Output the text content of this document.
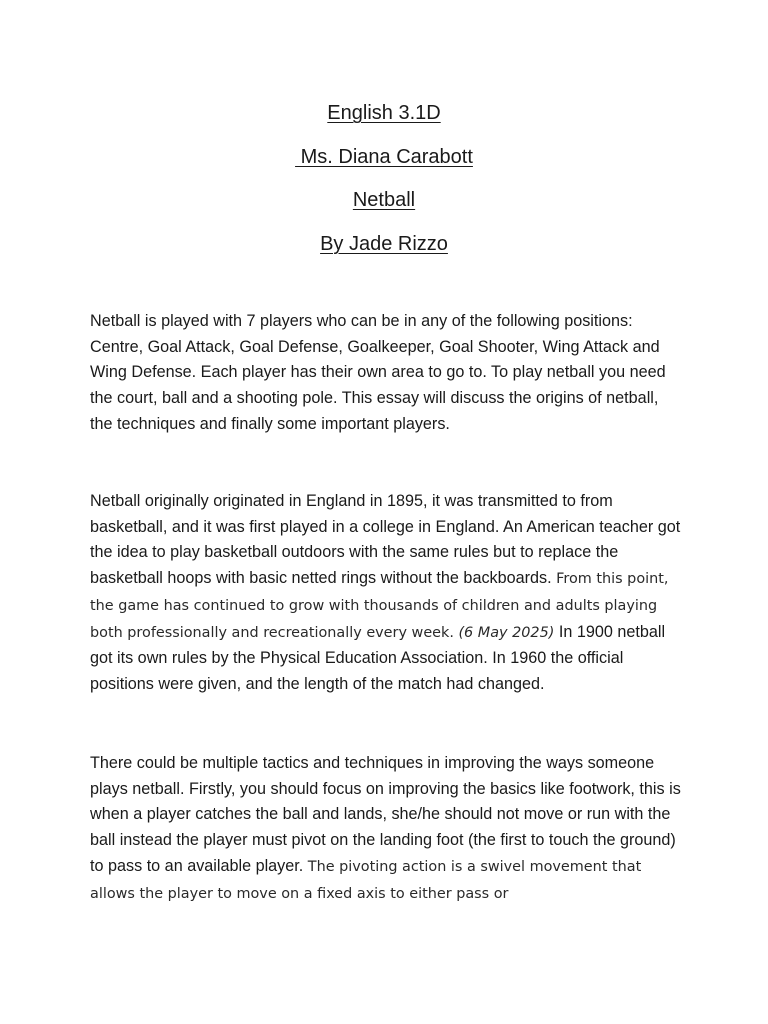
English 3.1D
Ms. Diana Carabott
Netball
By Jade Rizzo

Netball is played with 7 players who can be in any of the following positions: Centre, Goal Attack, Goal Defense, Goalkeeper, Goal Shooter, Wing Attack and Wing Defense. Each player has their own area to go to. To play netball you need the court, ball and a shooting pole. This essay will discuss the origins of netball, the techniques and finally some important players.

Netball originally originated in England in 1895, it was transmitted to from basketball, and it was first played in a college in England. An American teacher got the idea to play basketball outdoors with the same rules but to replace the basketball hoops with basic netted rings without the backboards. From this point, the game has continued to grow with thousands of children and adults playing both professionally and recreationally every week. (6 May 2025) In 1900 netball got its own rules by the Physical Education Association. In 1960 the official positions were given, and the length of the match had changed.

There could be multiple tactics and techniques in improving the ways someone plays netball. Firstly, you should focus on improving the basics like footwork, this is when a player catches the ball and lands, she/he should not move or run with the ball instead the player must pivot on the landing foot (the first to touch the ground) to pass to an available player. The pivoting action is a swivel movement that allows the player to move on a fixed axis to either pass or
